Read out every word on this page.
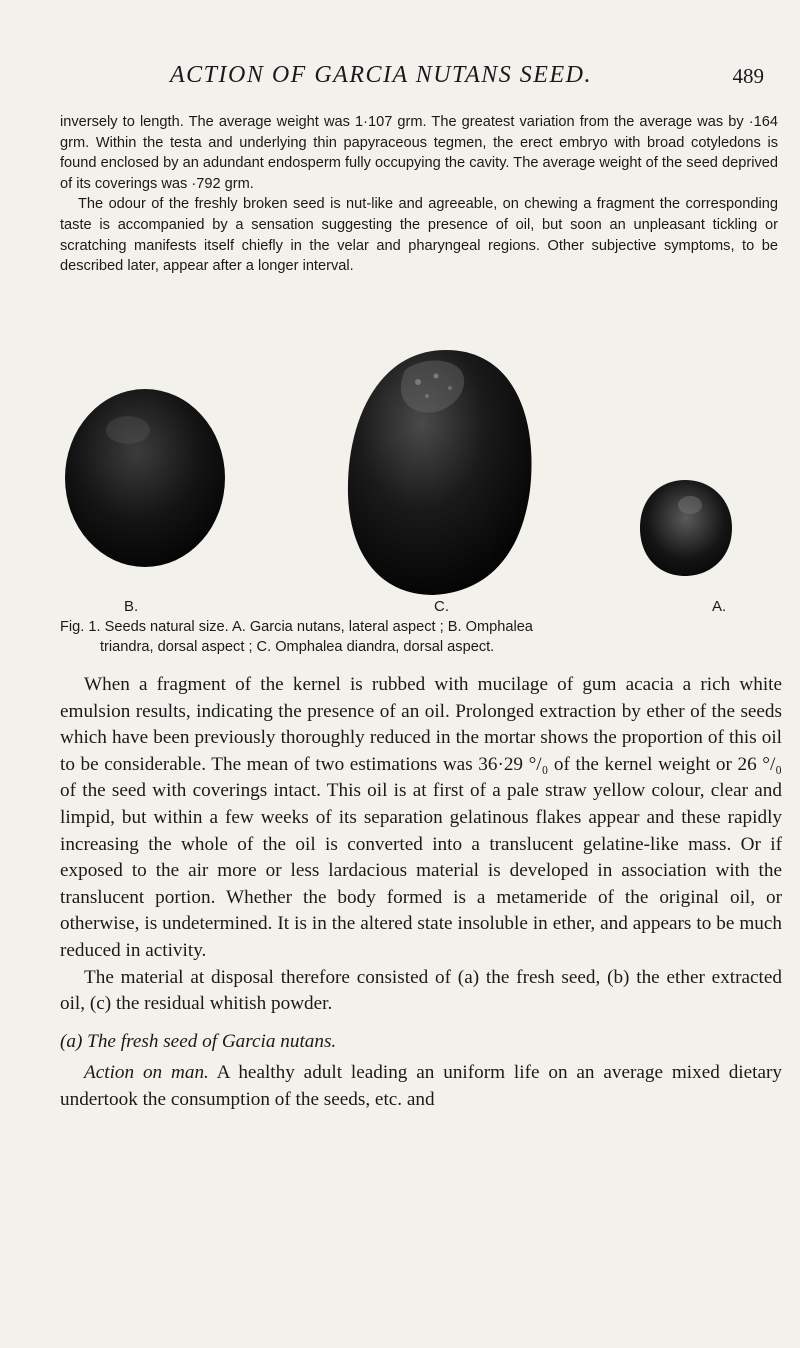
ACTION OF GARCIA NUTANS SEED.	489

inversely to length. The average weight was 1·107 grm. The greatest variation from the average was by ·164 grm. Within the testa and underlying thin papyraceous tegmen, the erect embryo with broad cotyledons is found enclosed by an adundant endosperm fully occupying the cavity. The average weight of the seed deprived of its coverings was ·792 grm.

The odour of the freshly broken seed is nut-like and agreeable, on chewing a fragment the corresponding taste is accompanied by a sensation suggesting the presence of oil, but soon an unpleasant tickling or scratching manifests itself chiefly in the velar and pharyngeal regions. Other subjective symptoms, to be described later, appear after a longer interval.

B.	C.	A.
Fig. 1. Seeds natural size. A. Garcia nutans, lateral aspect ; B. Omphalea
triandra, dorsal aspect ; C. Omphalea diandra, dorsal aspect.

When a fragment of the kernel is rubbed with mucilage of gum acacia a rich white emulsion results, indicating the presence of an oil. Prolonged extraction by ether of the seeds which have been previously thoroughly reduced in the mortar shows the proportion of this oil to be considerable. The mean of two estimations was 36·29 °/₀ of the kernel weight or 26 °/₀ of the seed with coverings intact. This oil is at first of a pale straw yellow colour, clear and limpid, but within a few weeks of its separation gelatinous flakes appear and these rapidly increasing the whole of the oil is converted into a translucent gelatine-like mass. Or if exposed to the air more or less lardacious material is developed in association with the translucent portion. Whether the body formed is a metameride of the original oil, or otherwise, is undetermined. It is in the altered state insoluble in ether, and appears to be much reduced in activity.

The material at disposal therefore consisted of (a) the fresh seed, (b) the ether extracted oil, (c) the residual whitish powder.

(a) The fresh seed of Garcia nutans.

Action on man. A healthy adult leading an uniform life on an average mixed dietary undertook the consumption of the seeds, etc. and
